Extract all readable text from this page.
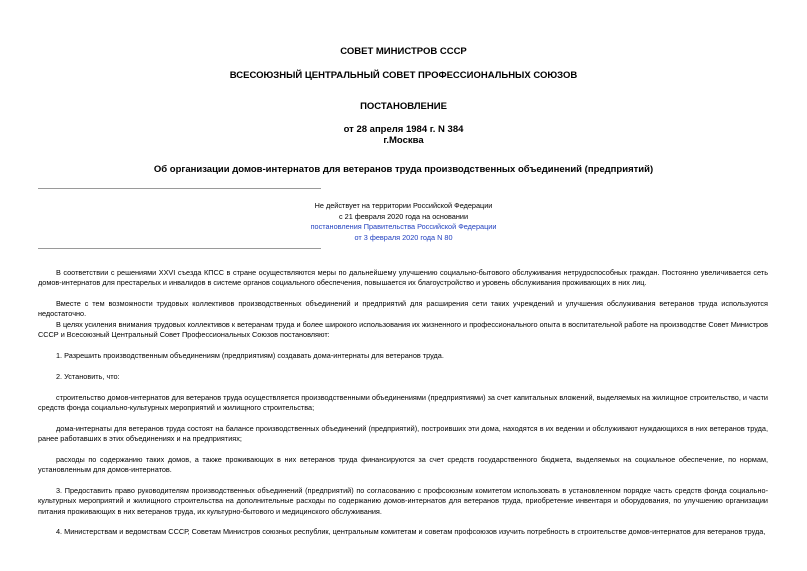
СОВЕТ МИНИСТРОВ СССР
ВСЕСОЮЗНЫЙ ЦЕНТРАЛЬНЫЙ СОВЕТ ПРОФЕССИОНАЛЬНЫХ СОЮЗОВ
ПОСТАНОВЛЕНИЕ
от 28 апреля 1984 г. N 384
г.Москва
Об организации домов-интернатов для ветеранов труда производственных объединений (предприятий)
Не действует на территории Российской Федерации
с 21 февраля 2020 года на основании
постановления Правительства Российской Федерации
от 3 февраля 2020 года N 80

В соответствии с решениями XXVI съезда КПСС в стране осуществляются меры по дальнейшему улучшению социально-бытового обслуживания нетрудоспособных граждан. Постоянно увеличивается сеть домов-интернатов для престарелых и инвалидов в системе органов социального обеспечения, повышается их благоустройство и уровень обслуживания проживающих в них лиц.

Вместе с тем возможности трудовых коллективов производственных объединений и предприятий для расширения сети таких учреждений и улучшения обслуживания ветеранов труда используются недостаточно.

В целях усиления внимания трудовых коллективов к ветеранам труда и более широкого использования их жизненного и профессионального опыта в воспитательной работе на производстве Совет Министров СССР и Всесоюзный Центральный Совет Профессиональных Союзов постановляют:

1. Разрешить производственным объединениям (предприятиям) создавать дома-интернаты для ветеранов труда.

2. Установить, что:

строительство домов-интернатов для ветеранов труда осуществляется производственными объединениями (предприятиями) за счет капитальных вложений, выделяемых на жилищное строительство, и части средств фонда социально-культурных мероприятий и жилищного строительства;

дома-интернаты для ветеранов труда состоят на балансе производственных объединений (предприятий), построивших эти дома, находятся в их ведении и обслуживают нуждающихся в них ветеранов труда, ранее работавших в этих объединениях и на предприятиях;

расходы по содержанию таких домов, а также проживающих в них ветеранов труда финансируются за счет средств государственного бюджета, выделяемых на социальное обеспечение, по нормам, установленным для домов-интернатов.

3. Предоставить право руководителям производственных объединений (предприятий) по согласованию с профсоюзным комитетом использовать в установленном порядке часть средств фонда социально-культурных мероприятий и жилищного строительства на дополнительные расходы по содержанию домов-интернатов для ветеранов труда, приобретение инвентаря и оборудования, по улучшению организации питания проживающих в них ветеранов труда, их культурно-бытового и медицинского обслуживания.

4. Министерствам и ведомствам СССР, Советам Министров союзных республик, центральным комитетам и советам профсоюзов изучить потребность в строительстве домов-интернатов для ветеранов труда,
